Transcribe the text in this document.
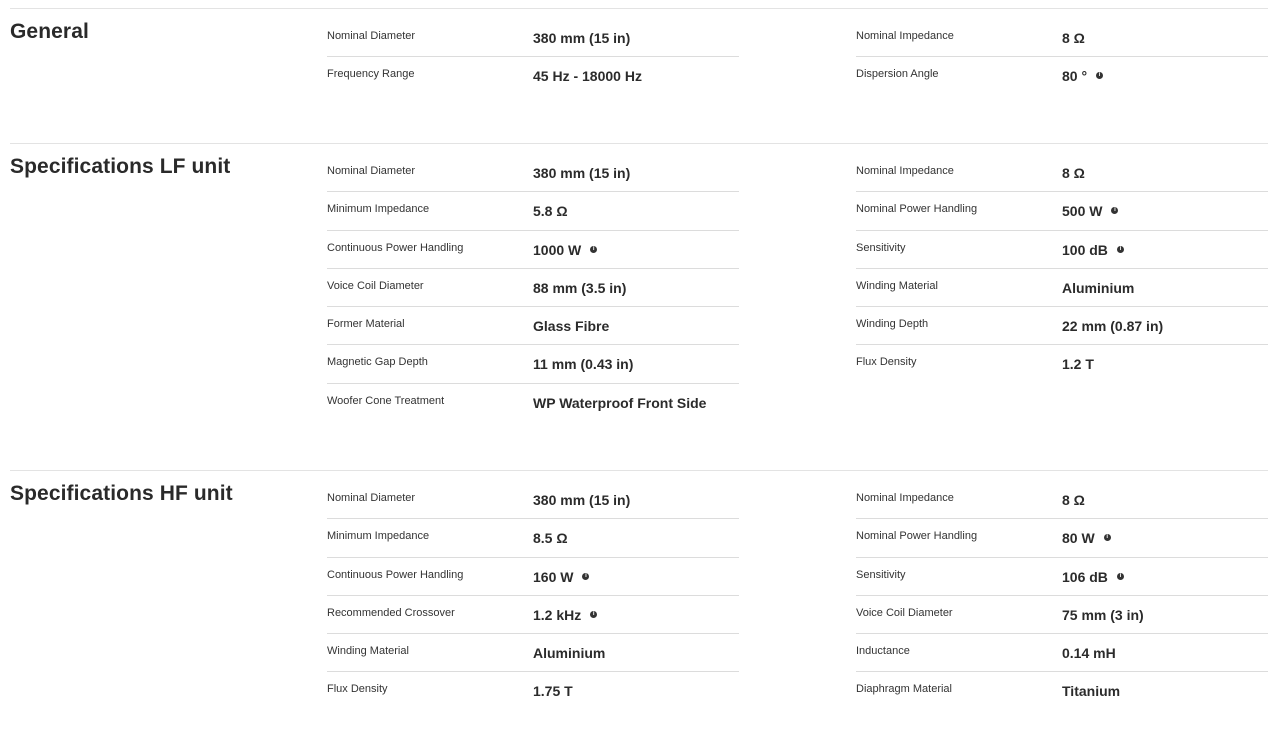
General	Nominal Diameter	380 mm (15 in)
Frequency Range	45 Hz - 18000 Hz
Nominal Impedance	8 Ω
Dispersion Angle	80 ° i
Specifications LF unit	Nominal Diameter	380 mm (15 in)
Minimum Impedance	5.8 Ω
Continuous Power Handling	1000 W i
Voice Coil Diameter	88 mm (3.5 in)
Former Material	Glass Fibre
Magnetic Gap Depth	11 mm (0.43 in)
Woofer Cone Treatment	WP Waterproof Front Side
Nominal Impedance	8 Ω
Nominal Power Handling	500 W i
Sensitivity	100 dB i
Winding Material	Aluminium
Winding Depth	22 mm (0.87 in)
Flux Density	1.2 T
Specifications HF unit	Nominal Diameter	380 mm (15 in)
Minimum Impedance	8.5 Ω
Continuous Power Handling	160 W i
Recommended Crossover	1.2 kHz i
Winding Material	Aluminium
Flux Density	1.75 T
Nominal Impedance	8 Ω
Nominal Power Handling	80 W i
Sensitivity	106 dB i
Voice Coil Diameter	75 mm (3 in)
Inductance	0.14 mH
Diaphragm Material	Titanium
